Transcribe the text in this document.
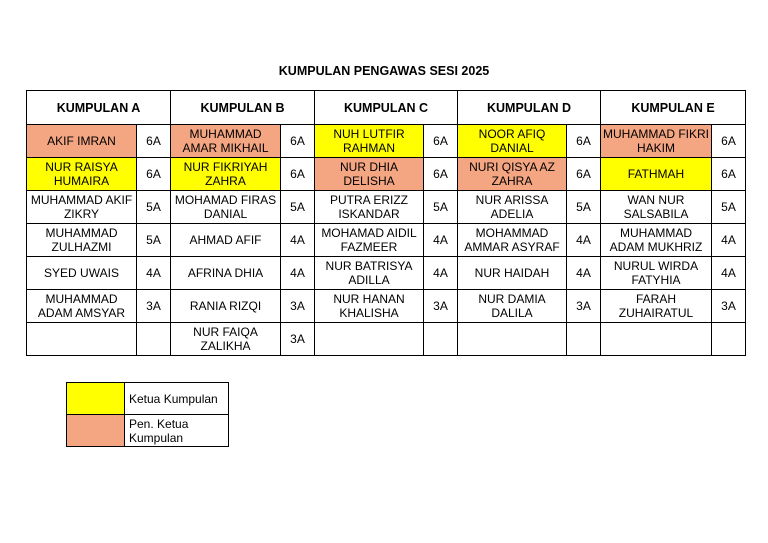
KUMPULAN PENGAWAS SESI 2025
KUMPULAN A		KUMPULAN B		KUMPULAN C		KUMPULAN D		KUMPULAN E	
AKIF IMRAN	6A	MUHAMMAD AMAR MIKHAIL	6A	NUH LUTFIR RAHMAN	6A	NOOR AFIQ DANIAL	6A	MUHAMMAD FIKRI HAKIM	6A
NUR RAISYA HUMAIRA	6A	NUR FIKRIYAH ZAHRA	6A	NUR DHIA DELISHA	6A	NURI QISYA AZ ZAHRA	6A	FATHMAH	6A
MUHAMMAD AKIF ZIKRY	5A	MOHAMAD FIRAS DANIAL	5A	PUTRA ERIZZ ISKANDAR	5A	NUR ARISSA ADELIA	5A	WAN NUR SALSABILA	5A
MUHAMMAD ZULHAZMI	5A	AHMAD AFIF	4A	MOHAMAD AIDIL FAZMEER	4A	MOHAMMAD AMMAR ASYRAF	4A	MUHAMMAD ADAM MUKHRIZ	4A
SYED UWAIS	4A	AFRINA DHIA	4A	NUR BATRISYA ADILLA	4A	NUR HAIDAH	4A	NURUL WIRDA FATYHIA	4A
MUHAMMAD ADAM AMSYAR	3A	RANIA RIZQI	3A	NUR HANAN KHALISHA	3A	NUR DAMIA DALILA	3A	FARAH ZUHAIRATUL	3A
		NUR FAIQA ZALIKHA	3A						
	Ketua Kumpulan
	Pen. Ketua Kumpulan
